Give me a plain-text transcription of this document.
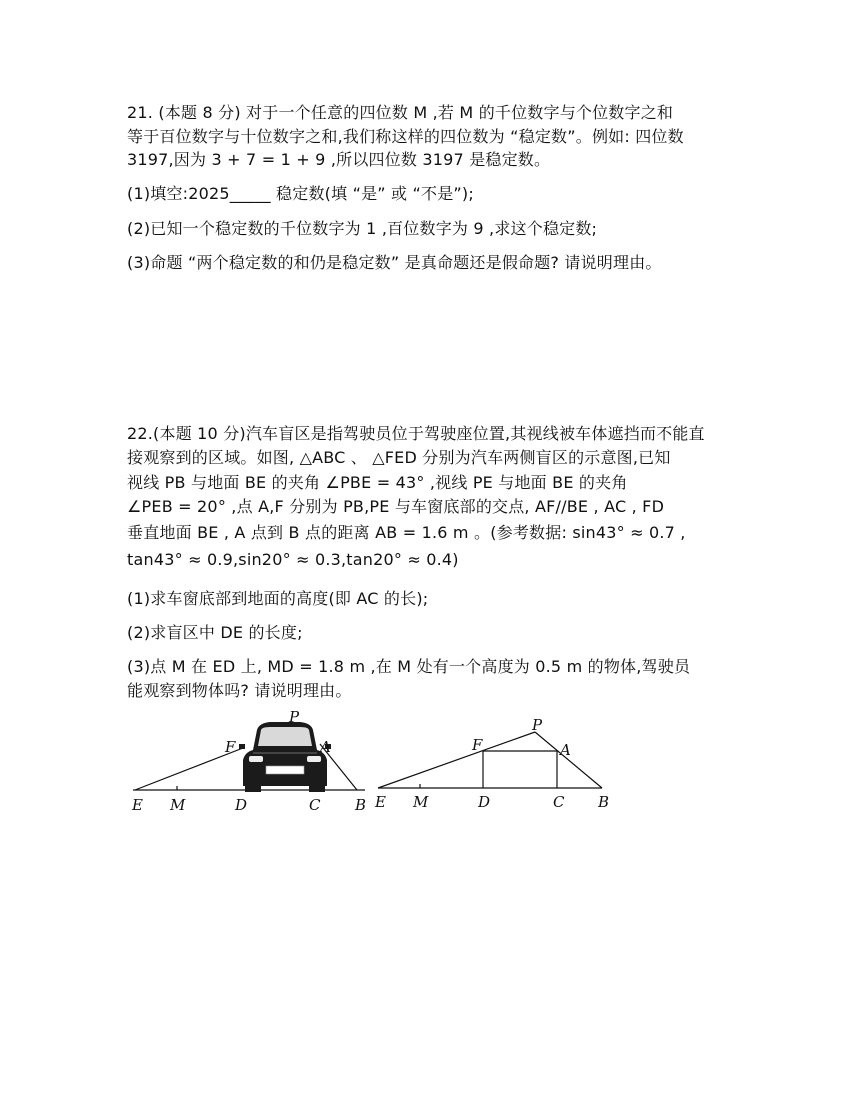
21. (本题 8 分) 对于一个任意的四位数 M ,若 M 的千位数字与个位数字之和
等于百位数字与十位数字之和,我们称这样的四位数为 “稳定数”。例如: 四位数
3197,因为 3 + 7 = 1 + 9 ,所以四位数 3197 是稳定数。
(1)填空:2025_____ 稳定数(填 “是” 或 “不是”);
(2)已知一个稳定数的千位数字为 1 ,百位数字为 9 ,求这个稳定数;
(3)命题 “两个稳定数的和仍是稳定数” 是真命题还是假命题? 请说明理由。
22.(本题 10 分)汽车盲区是指驾驶员位于驾驶座位置,其视线被车体遮挡而不能直
接观察到的区域。如图, △ABC 、 △FED 分别为汽车两侧盲区的示意图,已知
视线 PB 与地面 BE 的夹角 ∠PBE = 43° ,视线 PE 与地面 BE 的夹角
∠PEB = 20° ,点 A,F 分别为 PB,PE 与车窗底部的交点, AF//BE , AC , FD
垂直地面 BE , A 点到 B 点的距离 AB = 1.6 m 。(参考数据: sin43° ≈ 0.7 ,
tan43° ≈ 0.9,sin20° ≈ 0.3,tan20° ≈ 0.4)
(1)求车窗底部到地面的高度(即 AC 的长);
(2)求盲区中 DE 的长度;
(3)点 M 在 ED 上, MD = 1.8 m ,在 M 处有一个高度为 0.5 m 的物体,驾驶员
能观察到物体吗? 请说明理由。
P
F	A
E M	D	C B
P
F	A
E M	D	C B
